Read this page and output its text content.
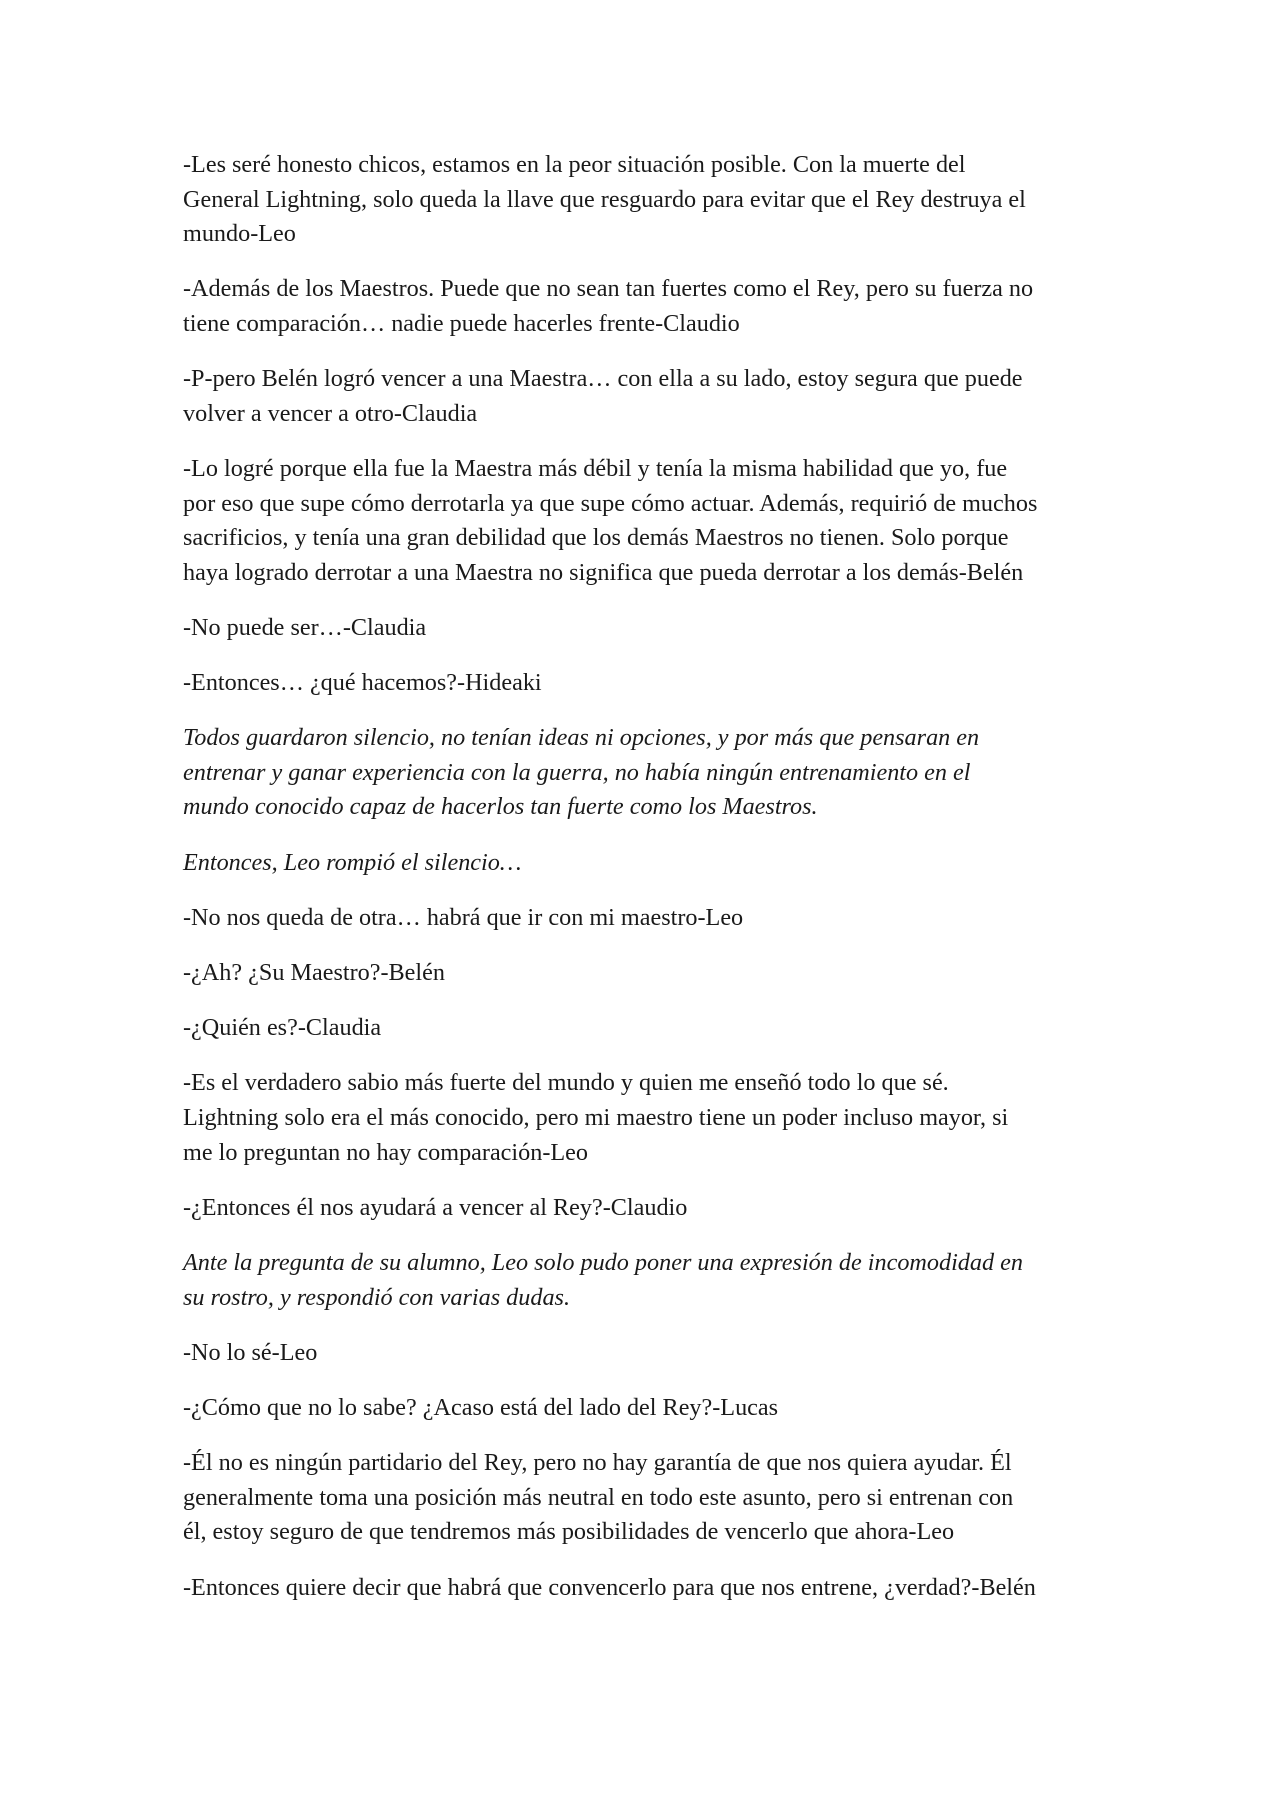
-Les seré honesto chicos, estamos en la peor situación posible. Con la muerte del
General Lightning, solo queda la llave que resguardo para evitar que el Rey destruya el
mundo-Leo

-Además de los Maestros. Puede que no sean tan fuertes como el Rey, pero su fuerza no
tiene comparación… nadie puede hacerles frente-Claudio

-P-pero Belén logró vencer a una Maestra… con ella a su lado, estoy segura que puede
volver a vencer a otro-Claudia

-Lo logré porque ella fue la Maestra más débil y tenía la misma habilidad que yo, fue
por eso que supe cómo derrotarla ya que supe cómo actuar. Además, requirió de muchos
sacrificios, y tenía una gran debilidad que los demás Maestros no tienen. Solo porque
haya logrado derrotar a una Maestra no significa que pueda derrotar a los demás-Belén

-No puede ser…-Claudia

-Entonces… ¿qué hacemos?-Hideaki

Todos guardaron silencio, no tenían ideas ni opciones, y por más que pensaran en
entrenar y ganar experiencia con la guerra, no había ningún entrenamiento en el
mundo conocido capaz de hacerlos tan fuerte como los Maestros.

Entonces, Leo rompió el silencio…

-No nos queda de otra… habrá que ir con mi maestro-Leo

-¿Ah? ¿Su Maestro?-Belén

-¿Quién es?-Claudia

-Es el verdadero sabio más fuerte del mundo y quien me enseñó todo lo que sé.
Lightning solo era el más conocido, pero mi maestro tiene un poder incluso mayor, si
me lo preguntan no hay comparación-Leo

-¿Entonces él nos ayudará a vencer al Rey?-Claudio

Ante la pregunta de su alumno, Leo solo pudo poner una expresión de incomodidad en
su rostro, y respondió con varias dudas.

-No lo sé-Leo

-¿Cómo que no lo sabe? ¿Acaso está del lado del Rey?-Lucas

-Él no es ningún partidario del Rey, pero no hay garantía de que nos quiera ayudar. Él
generalmente toma una posición más neutral en todo este asunto, pero si entrenan con
él, estoy seguro de que tendremos más posibilidades de vencerlo que ahora-Leo

-Entonces quiere decir que habrá que convencerlo para que nos entrene, ¿verdad?-Belén
